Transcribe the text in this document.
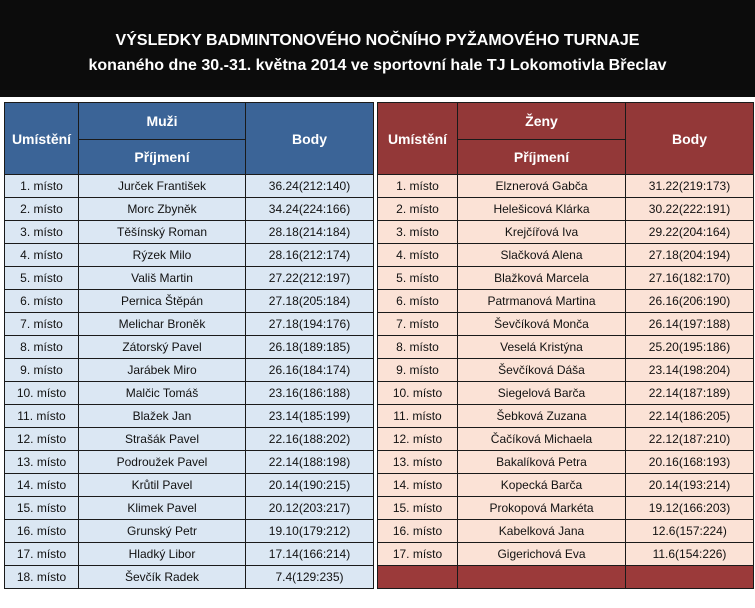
VÝSLEDKY BADMINTONOVÉHO NOČNÍHO PYŽAMOVÉHO TURNAJE
konaného dne 30.-31. května 2014 ve sportovní hale TJ Lokomotivla Břeclav
Umístění	Muži	Body
	Příjmení	
1. místo	Jurček František	36.24(212:140)
2. místo	Morc Zbyněk	34.24(224:166)
3. místo	Těšínský Roman	28.18(214:184)
4. místo	Rýzek Milo	28.16(212:174)
5. místo	Vališ Martin	27.22(212:197)
6. místo	Pernica Štěpán	27.18(205:184)
7. místo	Melichar Broněk	27.18(194:176)
8. místo	Zátorský Pavel	26.18(189:185)
9. místo	Jarábek Miro	26.16(184:174)
10. místo	Malčic Tomáš	23.16(186:188)
11. místo	Blažek Jan	23.14(185:199)
12. místo	Strašák Pavel	22.16(188:202)
13. místo	Podroužek Pavel	22.14(188:198)
14. místo	Krůtil Pavel	20.14(190:215)
15. místo	Klimek Pavel	20.12(203:217)
16. místo	Grunský Petr	19.10(179:212)
17. místo	Hladký Libor	17.14(166:214)
18. místo	Ševčík Radek	7.4(129:235)
Umístění	Ženy	Body
	Příjmení	
1. místo	Elznerová Gabča	31.22(219:173)
2. místo	Helešicová Klárka	30.22(222:191)
3. místo	Krejčířová Iva	29.22(204:164)
4. místo	Slačková Alena	27.18(204:194)
5. místo	Blažková Marcela	27.16(182:170)
6. místo	Patrmanová Martina	26.16(206:190)
7. místo	Ševčíková Monča	26.14(197:188)
8. místo	Veselá Kristýna	25.20(195:186)
9. místo	Ševčíková Dáša	23.14(198:204)
10. místo	Siegelová Barča	22.14(187:189)
11. místo	Šebková Zuzana	22.14(186:205)
12. místo	Čačíková Michaela	22.12(187:210)
13. místo	Bakalíková Petra	20.16(168:193)
14. místo	Kopecká Barča	20.14(193:214)
15. místo	Prokopová Markéta	19.12(166:203)
16. místo	Kabelková Jana	12.6(157:224)
17. místo	Gigerichová Eva	11.6(154:226)
